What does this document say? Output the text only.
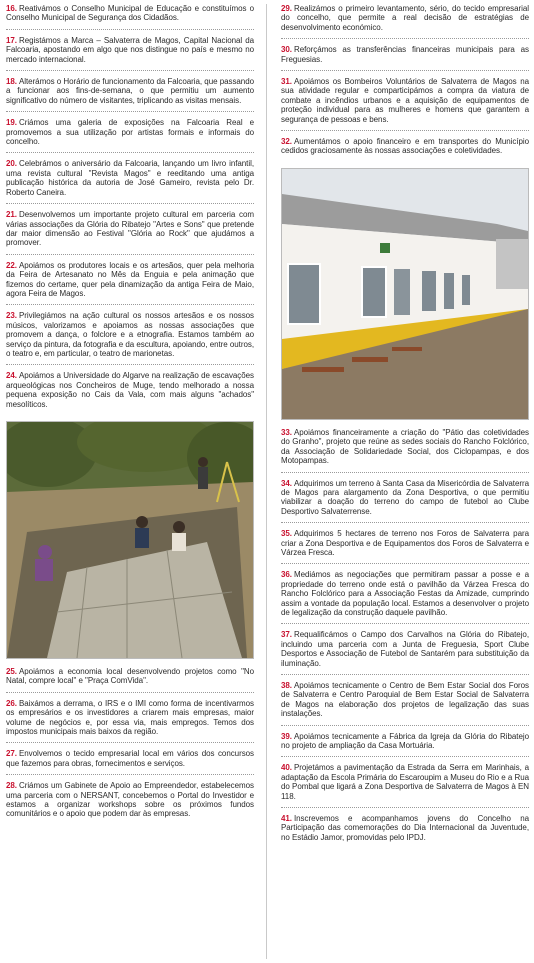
16. Reativámos o Conselho Municipal de Educação e constituímos o Conselho Municipal de Segurança dos Cidadãos.
17. Registámos a Marca – Salvaterra de Magos, Capital Nacional da Falcoaria, apostando em algo que nos distingue no país e mesmo no mercado internacional.
18. Alterámos o Horário de funcionamento da Falcoaria, que passando a funcionar aos fins-de-semana, o que permitiu um aumento significativo do número de visitantes, triplicando as visitas mensais.
19. Criámos uma galeria de exposições na Falcoaria Real e promovemos a sua utilização por artistas formais e informais do concelho.
20. Celebrámos o aniversário da Falcoaria, lançando um livro infantil, uma revista cultural "Revista Magos" e reeditando uma antiga publicação histórica da autoria de José Gameiro, revista pelo Dr. Roberto Caneira.
21. Desenvolvemos um importante projeto cultural em parceria com várias associações da Glória do Ribatejo "Artes e Sons" que pretende dar maior dimensão ao Festival "Glória ao Rock" que ajudámos a promover.
22. Apoiámos os produtores locais e os artesãos, quer pela melhoria da Feira de Artesanato no Mês da Enguia e pela animação que fizemos do certame, quer pela dinamização da antiga Feira de Maio, agora Feira de Magos.
23. Privilegiámos na ação cultural os nossos artesãos e os nossos músicos, valorizamos e apoiamos as nossas associações que promovem a dança, o folclore e a etnografia. Estamos também ao serviço da pintura, da fotografia e da escultura, apoiando, entre outros, o teatro e, em particular, o teatro de marionetas.
24. Apoiámos a Universidade do Algarve na realização de escavações arqueológicas nos Concheiros de Muge, tendo melhorado a nossa pequena exposição no Cais da Vala, com mais alguns "achados" mesolíticos.
25. Apoiámos a economia local desenvolvendo projetos como "No Natal, compre local" e "Praça ComVida".
26. Baixámos a derrama, o IRS e o IMI como forma de incentivarmos os empresários e os investidores a criarem mais empresas, maior volume de negócios e, por essa via, mais empregos. Temos dos impostos municipais mais baixos da região.
27. Envolvemos o tecido empresarial local em vários dos concursos que fazemos para obras, fornecimentos e serviços.
28. Criámos um Gabinete de Apoio ao Empreendedor, estabelecemos uma parceria com o NERSANT, concebemos o Portal do Investidor e estamos a organizar workshops sobre os próximos fundos comunitários e o apoio que podem dar às empresas.
29. Realizámos o primeiro levantamento, sério, do tecido empresarial do concelho, que permite a real decisão de estratégias de desenvolvimento económico.
30. Reforçámos as transferências financeiras municipais para as Freguesias.
31. Apoiámos os Bombeiros Voluntários de Salvaterra de Magos na sua atividade regular e comparticipámos a compra da viatura de combate a incêndios urbanos e a aquisição de equipamentos de proteção individual para as mulheres e homens que garantem a segurança de pessoas e bens.
32. Aumentámos o apoio financeiro e em transportes do Município cedidos graciosamente às nossas associações e coletividades.
33. Apoiámos financeiramente a criação do "Pátio das coletividades do Granho", projeto que reúne as sedes sociais do Rancho Folclórico, da Associação de Solidariedade Social, dos Ciclopampas, e dos Motopampas.
34. Adquirimos um terreno à Santa Casa da Misericórdia de Salvaterra de Magos para alargamento da Zona Desportiva, o que permitiu viabilizar a doação do terreno do campo de futebol ao Clube Desportivo Salvaterrense.
35. Adquirimos 5 hectares de terreno nos Foros de Salvaterra para criar a Zona Desportiva e de Equipamentos dos Foros de Salvaterra e Várzea Fresca.
36. Mediámos as negociações que permitiram passar a posse e a propriedade do terreno onde está o pavilhão da Várzea Fresca do Rancho Folclórico para a Associação Festas da Amizade, cumprindo assim a vontade da população local. Estamos a desenvolver o projeto de legalização da construção daquele pavilhão.
37. Requalificámos o Campo dos Carvalhos na Glória do Ribatejo, incluindo uma parceria com a Junta de Freguesia, Sport Clube Desportos e Associação de Futebol de Santarém para substituição da iluminação.
38. Apoiámos tecnicamente o Centro de Bem Estar Social dos Foros de Salvaterra e Centro Paroquial de Bem Estar Social de Salvaterra de Magos na elaboração dos projetos de legalização das suas instalações.
39. Apoiámos tecnicamente a Fábrica da Igreja da Glória do Ribatejo no projeto de ampliação da Casa Mortuária.
40. Projetámos a pavimentação da Estrada da Serra em Marinhais, a adaptação da Escola Primária do Escaroupim a Museu do Rio e a Rua do Pombal que ligará a Zona Desportiva de Salvaterra de Magos à EN 118.
41. Inscrevemos e acompanhamos jovens do Concelho na Participação das comemorações do Dia Internacional da Juventude, no Estádio Jamor, promovidas pelo IPDJ.
